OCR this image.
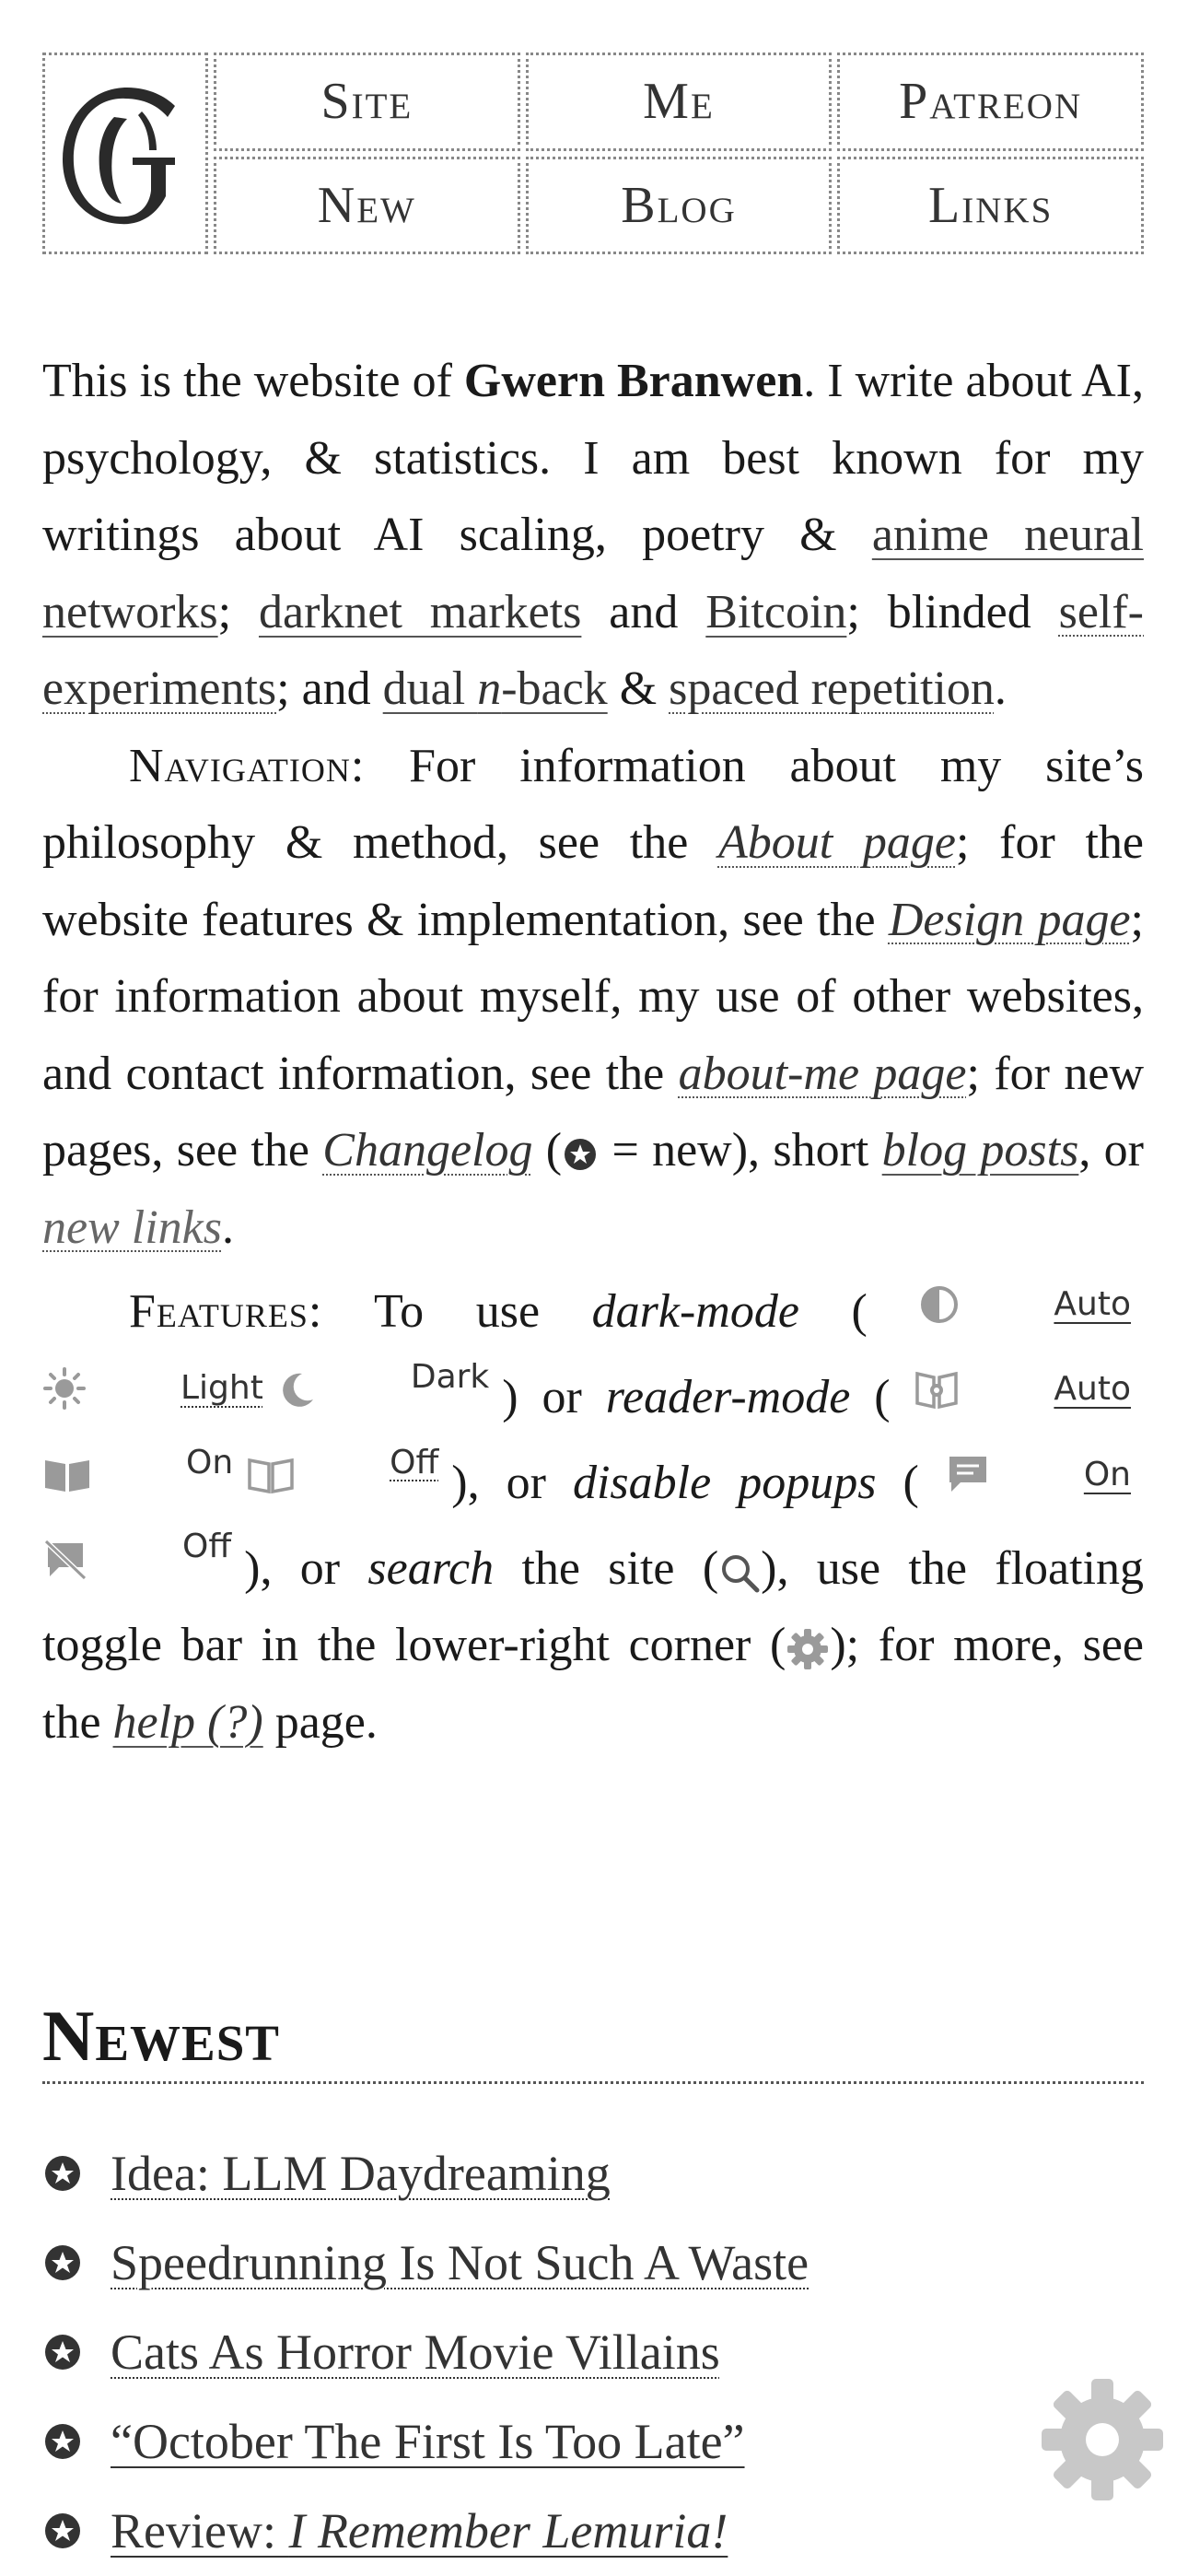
Site	Me	Patreon
New	Blog	Links

This is the website of Gwern Branwen. I write about AI, psychology, & statistics. I am best known for my writings about AI scaling, poetry & anime neural networks; darknet markets and Bitcoin; blinded self-experiments; and dual n-back & spaced repetition.

Navigation: For information about my site’s philosophy & method, see the About page; for the website features & implementation, see the Design page; for information about myself, my use of other websites, and contact information, see the about-me page; for new pages, see the Changelog ( = new), short blog posts, or new links.

Features: To use dark-mode (	Auto
Light	Dark ) or reader-mode (	Auto
On	Off ), or disable popups (	On
Off ), or search the site ( ), use the floating toggle bar in the lower-right corner ( ); for more, see the help (?) page.

Newest
Idea: LLM Daydreaming
Speedrunning Is Not Such A Waste
Cats As Horror Movie Villains
“October The First Is Too Late”
Review: I Remember Lemuria!
